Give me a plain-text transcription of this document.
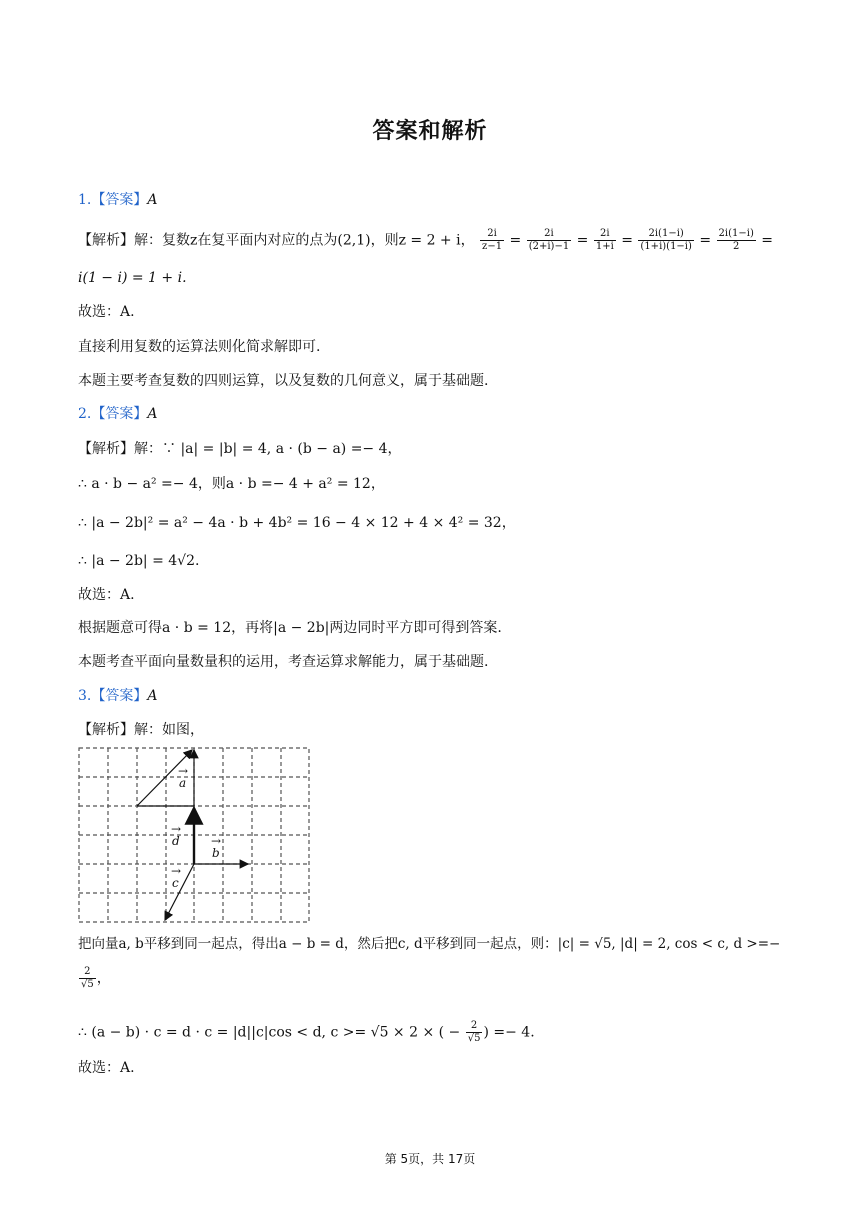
答案和解析
1.【答案】A
【解析】解：复数z在复平面内对应的点为(2,1)，则z = 2 + i， $\frac{2i}{z-1} = \frac{2i}{(2+i)-1} = \frac{2i}{1+i} = \frac{2i(1-i)}{(1+i)(1-i)} = \frac{2i(1-i)}{2}$ =
i(1 − i) = 1 + i.
故选：A.
直接利用复数的运算法则化简求解即可.
本题主要考查复数的四则运算，以及复数的几何意义，属于基础题.
2.【答案】A
【解析】解：∵ |a| = |b| = 4, a · (b − a) =− 4，
∴ a · b − a² =− 4，则a · b =− 4 + a² = 12，
∴ |a − 2b|² = a² − 4a · b + 4b² = 16 − 4 × 12 + 4 × 4² = 32，
∴ |a − 2b| = 4√2.
故选：A.
根据题意可得a · b = 12，再将|a − 2b|两边同时平方即可得到答案.
本题考查平面向量数量积的运用，考查运算求解能力，属于基础题.
3.【答案】A
【解析】解：如图，
a
→
d
→
b
→
c
→
把向量a, b平移到同一起点，得出a − b = d，然后把c, d平移到同一起点，则：|c| = √5, |d| = 2, cos < c, d >=−
$\frac{2}{√5}$ ，
∴ (a − b) · c = d · c = |d||c|cos < d, c >= √5 × 2 × ( − $\frac{2}{√5}$ ) =− 4.
故选：A.
第 5页，共 17页
